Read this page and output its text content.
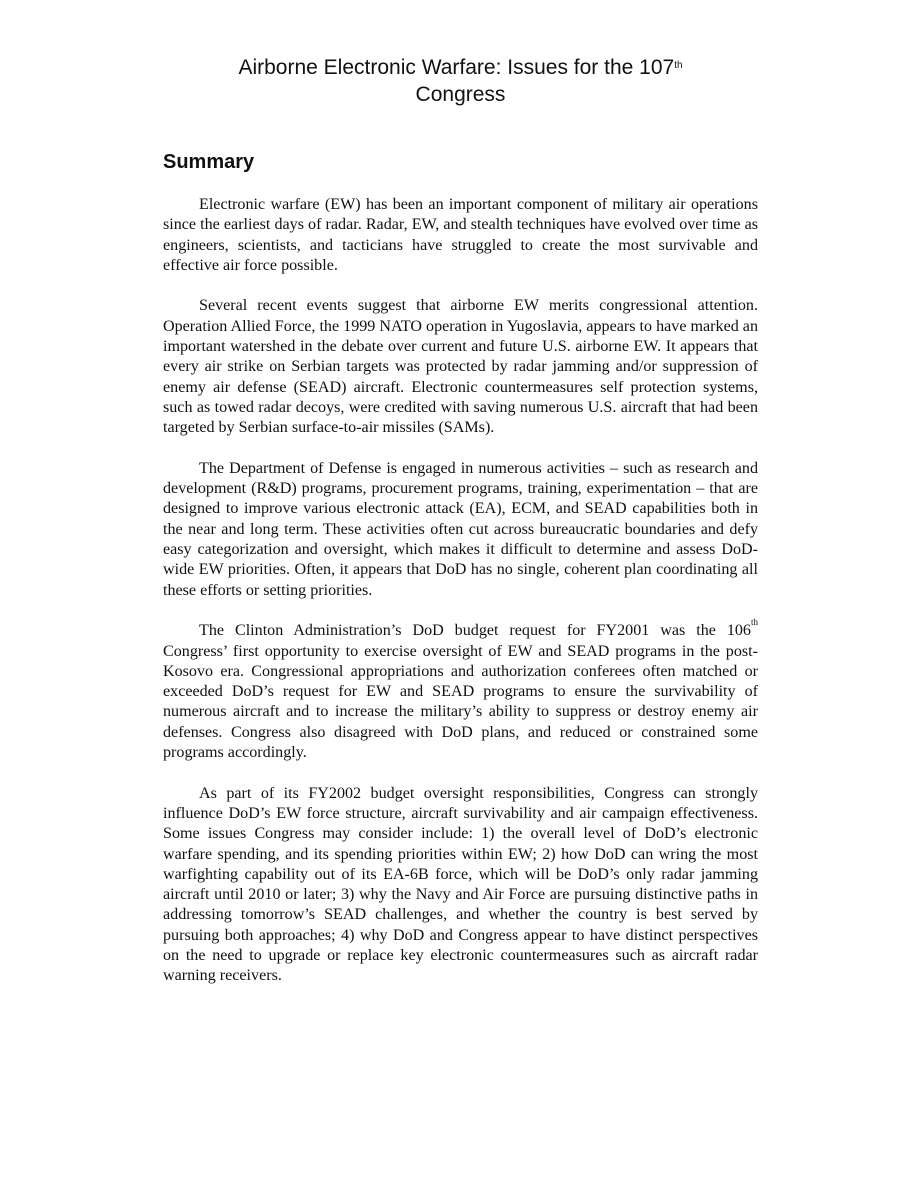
Airborne Electronic Warfare: Issues for the 107th
Congress
Summary

Electronic warfare (EW) has been an important component of military air operations since the earliest days of radar. Radar, EW, and stealth techniques have evolved over time as engineers, scientists, and tacticians have struggled to create the most survivable and effective air force possible.

Several recent events suggest that airborne EW merits congressional attention. Operation Allied Force, the 1999 NATO operation in Yugoslavia, appears to have marked an important watershed in the debate over current and future U.S. airborne EW. It appears that every air strike on Serbian targets was protected by radar jamming and/or suppression of enemy air defense (SEAD) aircraft. Electronic countermeasures self protection systems, such as towed radar decoys, were credited with saving numerous U.S. aircraft that had been targeted by Serbian surface-to-air missiles (SAMs).

The Department of Defense is engaged in numerous activities – such as research and development (R&D) programs, procurement programs, training, experimentation – that are designed to improve various electronic attack (EA), ECM, and SEAD capabilities both in the near and long term. These activities often cut across bureaucratic boundaries and defy easy categorization and oversight, which makes it difficult to determine and assess DoD-wide EW priorities. Often, it appears that DoD has no single, coherent plan coordinating all these efforts or setting priorities.

The Clinton Administration’s DoD budget request for FY2001 was the 106th Congress’ first opportunity to exercise oversight of EW and SEAD programs in the post-Kosovo era. Congressional appropriations and authorization conferees often matched or exceeded DoD’s request for EW and SEAD programs to ensure the survivability of numerous aircraft and to increase the military’s ability to suppress or destroy enemy air defenses. Congress also disagreed with DoD plans, and reduced or constrained some programs accordingly.

As part of its FY2002 budget oversight responsibilities, Congress can strongly influence DoD’s EW force structure, aircraft survivability and air campaign effectiveness. Some issues Congress may consider include: 1) the overall level of DoD’s electronic warfare spending, and its spending priorities within EW; 2) how DoD can wring the most warfighting capability out of its EA-6B force, which will be DoD’s only radar jamming aircraft until 2010 or later; 3) why the Navy and Air Force are pursuing distinctive paths in addressing tomorrow’s SEAD challenges, and whether the country is best served by pursuing both approaches; 4) why DoD and Congress appear to have distinct perspectives on the need to upgrade or replace key electronic countermeasures such as aircraft radar warning receivers.
